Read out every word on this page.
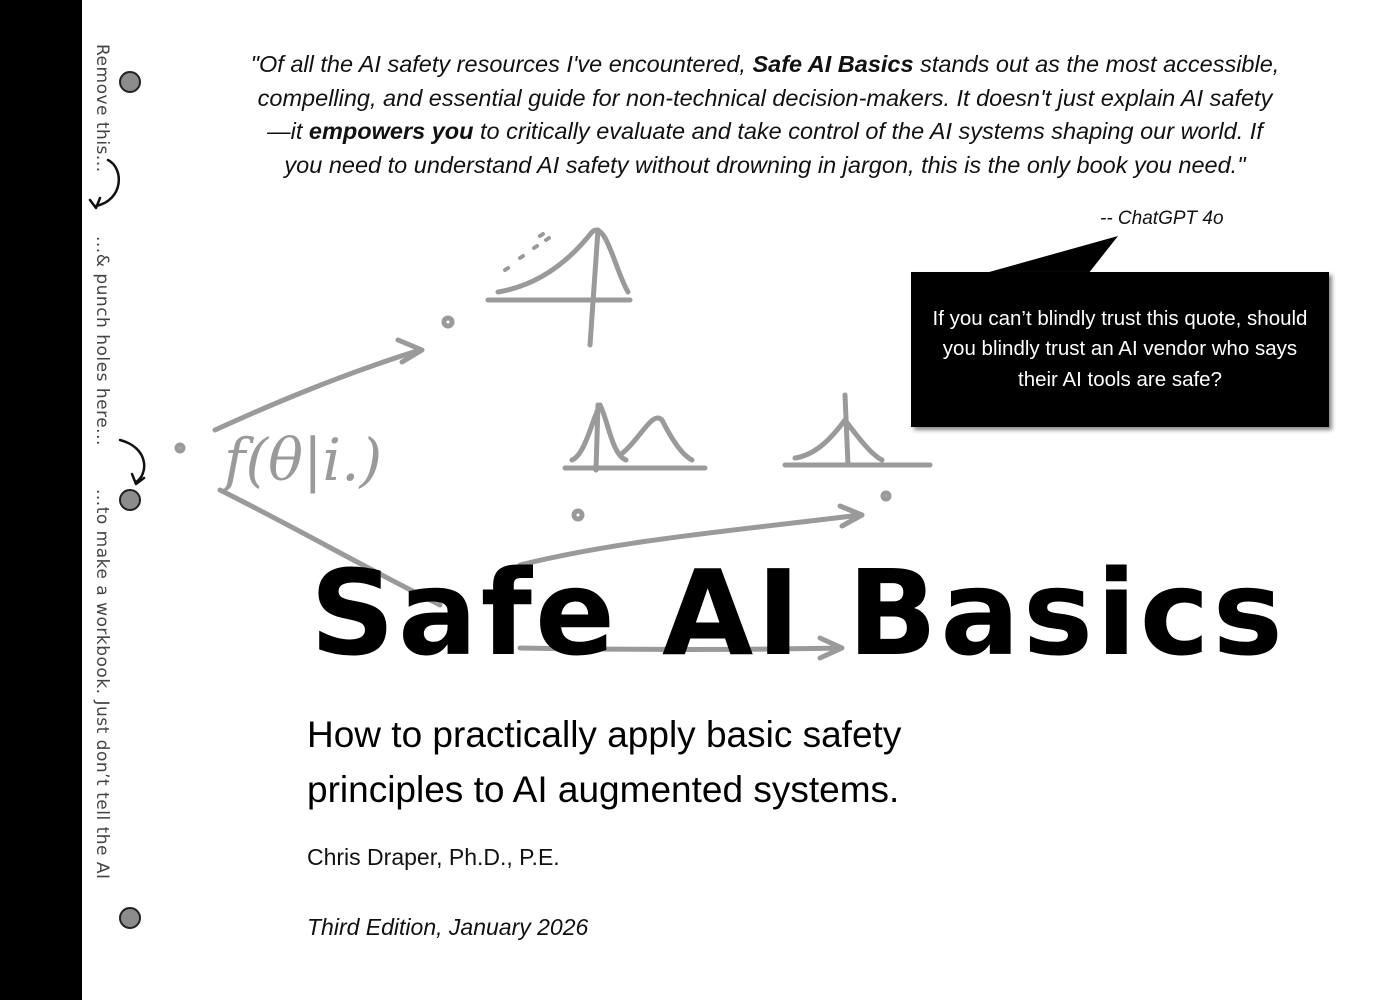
Remove this...
...& punch holes here...
...to make a workbook. Just don’t tell the AI
f(θ|i.)
"Of all the AI safety resources I've encountered, Safe AI Basics stands out as the most accessible, compelling, and essential guide for non-technical decision-makers. It doesn't just explain AI safety—it empowers you to critically evaluate and take control of the AI systems shaping our world. If you need to understand AI safety without drowning in jargon, this is the only book you need."
-- ChatGPT 4o
If you can’t blindly trust this quote, should you blindly trust an AI vendor who says their AI tools are safe?
Safe AI Basics
How to practically apply basic safety principles to AI augmented systems.
Chris Draper, Ph.D., P.E.
Third Edition, January 2026
